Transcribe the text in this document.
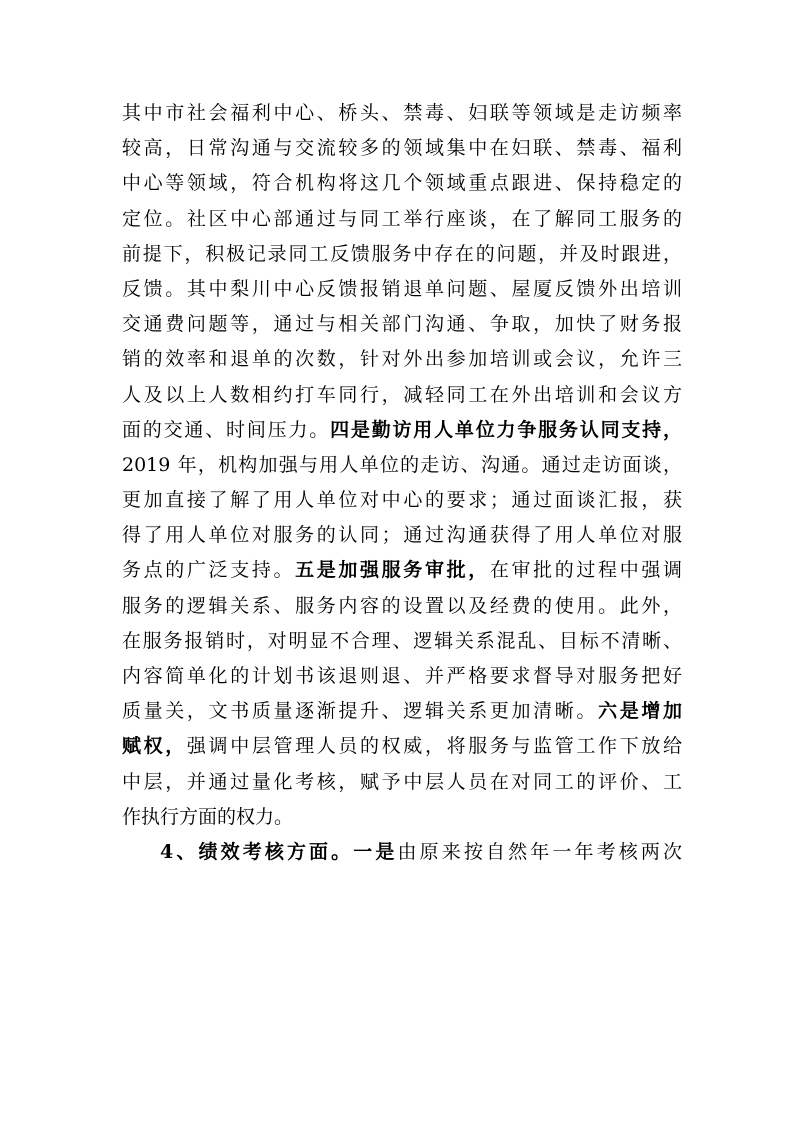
其中市社会福利中心、桥头、禁毒、妇联等领域是走访频率
较高，日常沟通与交流较多的领域集中在妇联、禁毒、福利
中心等领域，符合机构将这几个领域重点跟进、保持稳定的
定位。社区中心部通过与同工举行座谈，在了解同工服务的
前提下，积极记录同工反馈服务中存在的问题，并及时跟进，
反馈。其中梨川中心反馈报销退单问题、屋厦反馈外出培训
交通费问题等，通过与相关部门沟通、争取，加快了财务报
销的效率和退单的次数，针对外出参加培训或会议，允许三
人及以上人数相约打车同行，减轻同工在外出培训和会议方
面的交通、时间压力。四是勤访用人单位力争服务认同支持，
2019 年，机构加强与用人单位的走访、沟通。通过走访面谈，
更加直接了解了用人单位对中心的要求；通过面谈汇报，获
得了用人单位对服务的认同；通过沟通获得了用人单位对服
务点的广泛支持。五是加强服务审批，在审批的过程中强调
服务的逻辑关系、服务内容的设置以及经费的使用。此外，
在服务报销时，对明显不合理、逻辑关系混乱、目标不清晰、
内容简单化的计划书该退则退、并严格要求督导对服务把好
质量关，文书质量逐渐提升、逻辑关系更加清晰。六是增加
赋权，强调中层管理人员的权威，将服务与监管工作下放给
中层，并通过量化考核，赋予中层人员在对同工的评价、工
作执行方面的权力。
4、绩效考核方面。一是由原来按自然年一年考核两次
